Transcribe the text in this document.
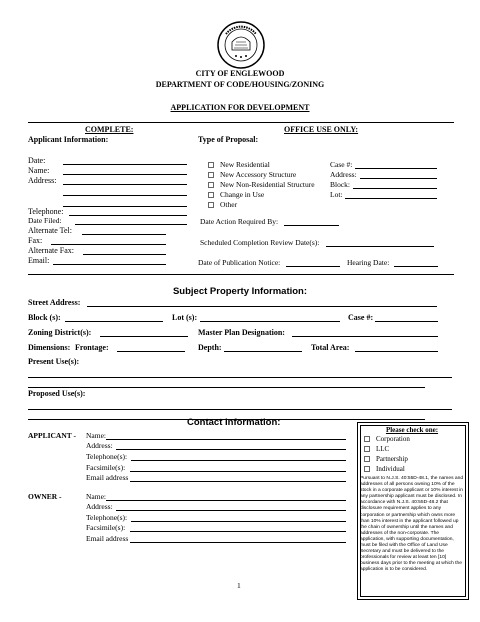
CITY OF ENGLEWOOD
DEPARTMENT OF CODE/HOUSING/ZONING
APPLICATION FOR DEVELOPMENT
COMPLETE:
Applicant Information:
Date:
Name:
Address:
Telephone:
Date Filed:
Alternate Tel:
Fax:
Alternate Fax:
Email:
OFFICE USE ONLY:
Type of Proposal:
New Residential
New Accessory Structure
New Non-Residential Structure
Change in Use
Other
Case #:
Address:
Block:
Lot:
Date Action Required By:
Scheduled Completion Review Date(s):
Date of Publication Notice:	Hearing Date:
Subject Property Information:
Street Address:
Block (s):	Lot (s):	Case #:
Zoning District(s):	Master Plan Designation:
Dimensions: Frontage:	Depth:	Total Area:
Present Use(s):
Proposed Use(s):
Contact Information:
APPLICANT - Name:
Address:
Telephone(s):
Facsimile(s):
Email address
OWNER -	Name:
Address:
Telephone(s):
Facsimile(s):
Email address
Please check one:
Corporation
LLC
Partnership
Individual
Pursuant to N.J.S. 40:55D-48.1, the names and addresses of all persons owning 10% of the stock in a corporate applicant or 10% interest in any partnership applicant must be disclosed. In accordance with N.J.S. 40:55D-48.2 that disclosure requirement applies to any corporation or partnership which owns more than 10% interest in the applicant followed up the chain of ownership until the names and addresses of the non-corporate. The application, with supporting documentation, must be filed with the Office of Land Use Secretary and must be delivered to the professionals for review at least ten [10] business days prior to the meeting at which the application is to be considered.
1
